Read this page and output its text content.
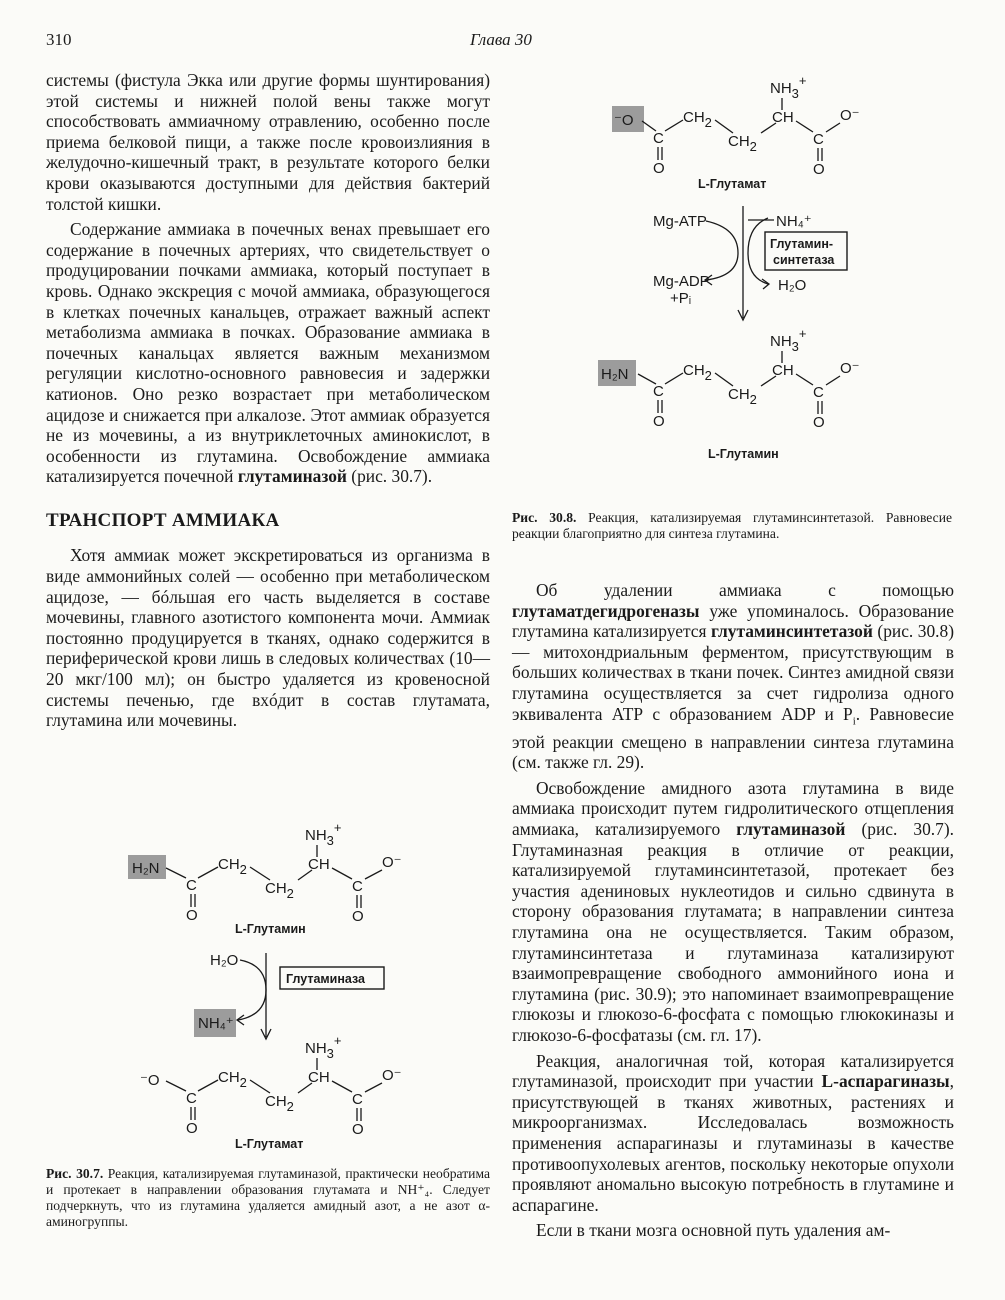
310	Глава 30

системы (фистула Экка или другие формы шунтирования) этой системы и нижней полой вены также могут способствовать аммиачному отравлению, особенно после приема белковой пищи, а также после кровоизлияния в желудочно-кишечный тракт, в результате которого белки крови оказываются доступными для действия бактерий толстой кишки.

Содержание аммиака в почечных венах превышает его содержание в почечных артериях, что свидетельствует о продуцировании почками аммиака, который поступает в кровь. Однако экскреция с мочой аммиака, образующегося в клетках почечных канальцев, отражает важный аспект метаболизма аммиака в почках. Образование аммиака в почечных канальцах является важным механизмом регуляции кислотно-основного равновесия и задержки катионов. Оно резко возрастает при метаболическом ацидозе и снижается при алкалозе. Этот аммиак образуется не из мочевины, а из внутриклеточных аминокислот, в особенности из глутамина. Освобождение аммиака катализируется почечной глутаминазой (рис. 30.7).

ТРАНСПОРТ АММИАКА

Хотя аммиак может экскретироваться из организма в виде аммонийных солей — особенно при метаболическом ацидозе, — бóльшая его часть выделяется в составе мочевины, главного азотистого компонента мочи. Аммиак постоянно продуцируется в тканях, однако содержится в периферической крови лишь в следовых количествах (10—20 мкг/100 мл); он быстро удаляется из кровеносной системы печенью, где вхóдит в состав глутамата, глутамина или мочевины.

NH3+
H₂N
C
O
CH2
CH2
CH
C
O
O⁻
L-Глутамин
H₂O
NH₄⁺
Глутаминаза
NH3+
⁻O
C
O
CH2
CH2
CH
C
O
O⁻
L-Глутамат
Рис. 30.7. Реакция, катализируемая глутаминазой, практически необратима и протекает в направлении образования глутамата и NH⁺₄. Следует подчеркнуть, что из глутамина удаляется амидный азот, а не азот α-аминогруппы.
NH3+
⁻O
C
O
CH2
CH2
CH
C
O
O⁻
L-Глутамат
Mg-ATP
Mg-ADP
+Pᵢ
NH₄⁺
Глутамин-
синтетаза
H₂O
NH3+
H₂N
C
O
CH2
CH2
CH
C
O
O⁻
L-Глутамин
Рис. 30.8. Реакция, катализируемая глутаминсинтетазой. Равновесие реакции благоприятно для синтеза глутамина.

Об удалении аммиака с помощью глутаматдегидрогеназы уже упоминалось. Образование глутамина катализируется глутаминсинтетазой (рис. 30.8) — митохондриальным ферментом, присутствующим в больших количествах в ткани почек. Синтез амидной связи глутамина осуществляется за счет гидролиза одного эквивалента АТР с образованием ADP и $P_i$. Равновесие этой реакции смещено в направлении синтеза глутамина (см. также гл. 29).

Освобождение амидного азота глутамина в виде аммиака происходит путем гидролитического отщепления аммиака, катализируемого глутаминазой (рис. 30.7). Глутаминазная реакция в отличие от реакции, катализируемой глутаминсинтетазой, протекает без участия адениновых нуклеотидов и сильно сдвинута в сторону образования глутамата; в направлении синтеза глутамина она не осуществляется. Таким образом, глутаминсинтетаза и глутаминаза катализируют взаимопревращение свободного аммонийного иона и глутамина (рис. 30.9); это напоминает взаимопревращение глюкозы и глюкозо-6-фосфата с помощью глюкокиназы и глюкозо-6-фосфатазы (см. гл. 17).

Реакция, аналогичная той, которая катализируется глутаминазой, происходит при участии L-аспарагиназы, присутствующей в тканях животных, растениях и микроорганизмах. Исследовалась возможность применения аспарагиназы и глутаминазы в качестве противоопухолевых агентов, поскольку некоторые опухоли проявляют аномально высокую потребность в глутамине и аспарагине.

Если в ткани мозга основной путь удаления ам-
